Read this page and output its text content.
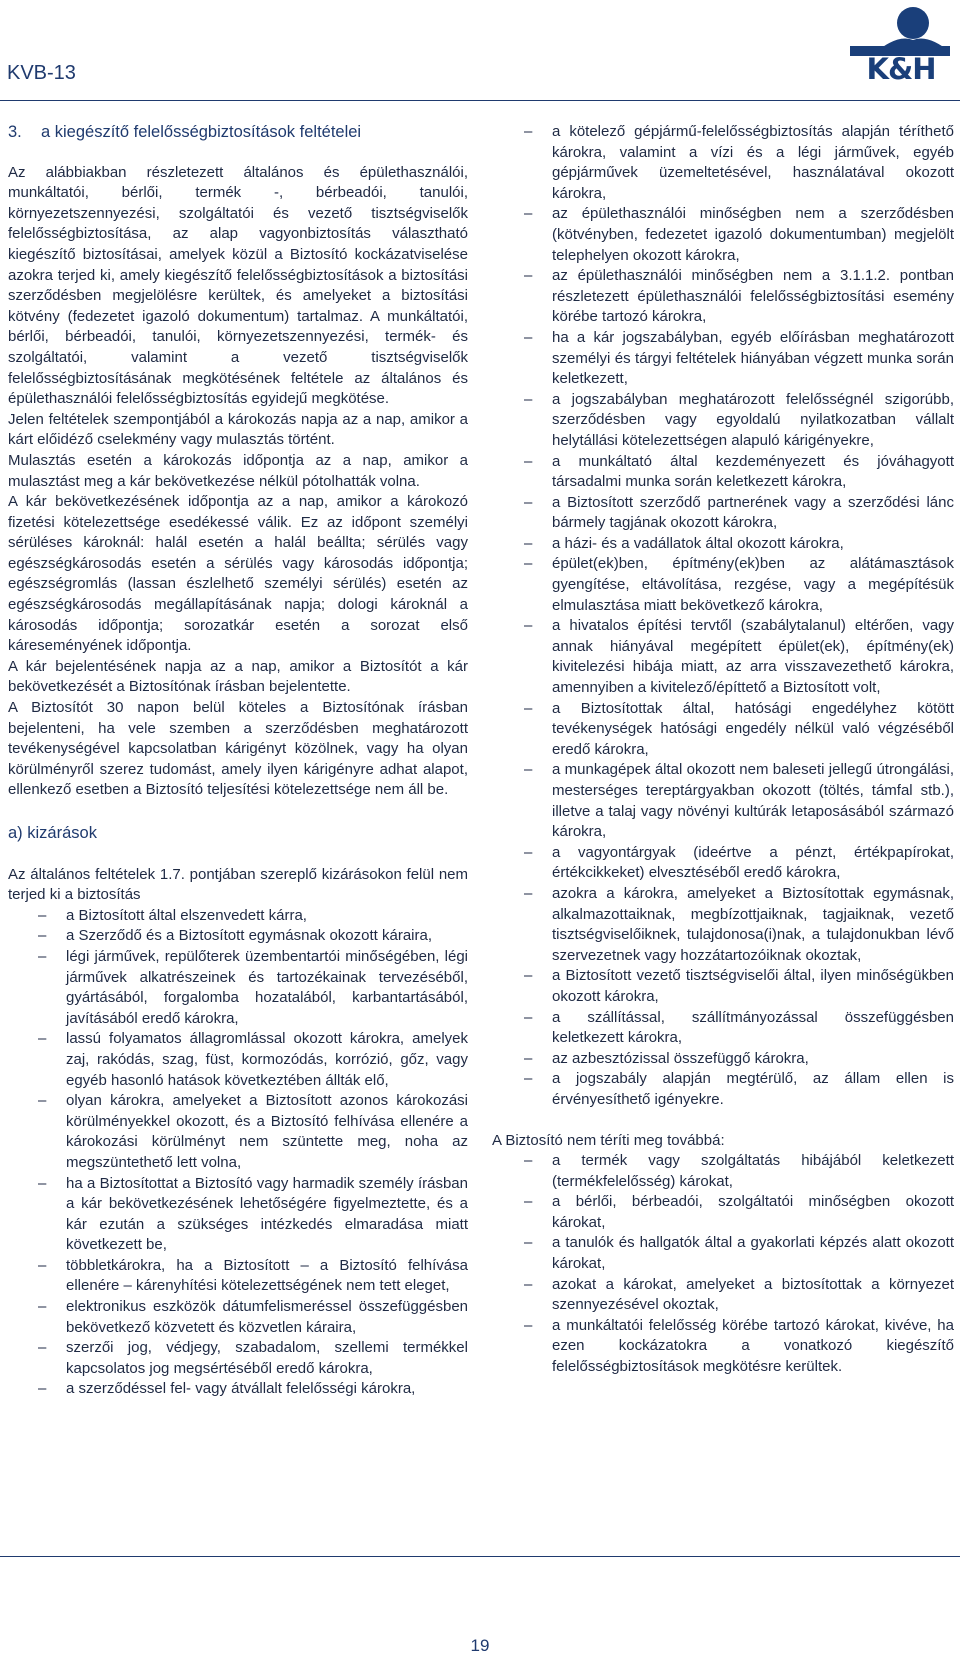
KVB-13	K&H
3. a kiegészítő felelősségbiztosítások feltételei

Az alábbiakban részletezett általános és épülethasználói, munkáltatói, bérlői, termék -, bérbeadói, tanulói, környezetszennyezési, szolgáltatói és vezető tisztségviselők felelősségbiztosítása, az alap vagyonbiztosítás választható kiegészítő biztosításai, amelyek közül a Biztosító kockázatviselése azokra terjed ki, amely kiegészítő felelősségbiztosítások a biztosítási szerződésben megjelölésre kerültek, és amelyeket a biztosítási kötvény (fedezetet igazoló dokumentum) tartalmaz. A munkáltatói, bérlői, bérbeadói, tanulói, környezetszennyezési, termék- és szolgáltatói, valamint a vezető tisztségviselők felelősségbiztosításának megkötésének feltétele az általános és épülethasználói felelősségbiztosítás egyidejű megkötése.

Jelen feltételek szempontjából a károkozás napja az a nap, amikor a kárt előidéző cselekmény vagy mulasztás történt.

Mulasztás esetén a károkozás időpontja az a nap, amikor a mulasztást meg a kár bekövetkezése nélkül pótolhatták volna.

A kár bekövetkezésének időpontja az a nap, amikor a károkozó fizetési kötelezettsége esedékessé válik. Ez az időpont személyi sérüléses károknál: halál esetén a halál beállta; sérülés vagy egészségkárosodás esetén a sérülés vagy károsodás időpontja; egészségromlás (lassan észlelhető személyi sérülés) esetén az egészségkárosodás megállapításának napja; dologi károknál a károsodás időpontja; sorozatkár esetén a sorozat első káreseményének időpontja.

A kár bejelentésének napja az a nap, amikor a Biztosítót a kár bekövetkezését a Biztosítónak írásban bejelentette.

A Biztosítót 30 napon belül köteles a Biztosítónak írásban bejelenteni, ha vele szemben a szerződésben meghatározott tevékenységével kapcsolatban kárigényt közölnek, vagy ha olyan körülményről szerez tudomást, amely ilyen kárigényre adhat alapot, ellenkező esetben a Biztosító teljesítési kötelezettsége nem áll be.

a) kizárások

Az általános feltételek 1.7. pontjában szereplő kizárásokon felül nem terjed ki a biztosítás

– a Biztosított által elszenvedett kárra,
– a Szerződő és a Biztosított egymásnak okozott káraira,
– légi járművek, repülőterek üzembentartói minőségében, légi járművek alkatrészeinek és tartozékainak tervezéséből, gyártásából, forgalomba hozatalából, karbantartásából, javításából eredő károkra,
– lassú folyamatos állagromlással okozott károkra, amelyek zaj, rakódás, szag, füst, kormozódás, korrózió, gőz, vagy egyéb hasonló hatások következtében állták elő,
– olyan károkra, amelyeket a Biztosított azonos károkozási körülményekkel okozott, és a Biztosító felhívása ellenére a károkozási körülményt nem szüntette meg, noha az megszüntethető lett volna,
– ha a Biztosítottat a Biztosító vagy harmadik személy írásban a kár bekövetkezésének lehetőségére figyelmeztette, és a kár ezután a szükséges intézkedés elmaradása miatt következett be,
– többletkárokra, ha a Biztosított – a Biztosító felhívása ellenére – kárenyhítési kötelezettségének nem tett eleget,
– elektronikus eszközök dátumfelismeréssel összefüggésben bekövetkező közvetett és közvetlen káraira,
– szerzői jog, védjegy, szabadalom, szellemi termékkel kapcsolatos jog megsértéséből eredő károkra,
– a szerződéssel fel- vagy átvállalt felelősségi károkra,
– a kötelező gépjármű-felelősségbiztosítás alapján téríthető károkra, valamint a vízi és a légi járművek, egyéb gépjárművek üzemeltetésével, használatával okozott károkra,
– az épülethasználói minőségben nem a szerződésben (kötvényben, fedezetet igazoló dokumentumban) megjelölt telephelyen okozott károkra,
– az épülethasználói minőségben nem a 3.1.1.2. pontban részletezett épülethasználói felelősségbiztosítási esemény körébe tartozó károkra,
– ha a kár jogszabályban, egyéb előírásban meghatározott személyi és tárgyi feltételek hiányában végzett munka során keletkezett,
– a jogszabályban meghatározott felelősségnél szigorúbb, szerződésben vagy egyoldalú nyilatkozatban vállalt helytállási kötelezettségen alapuló kárigényekre,
– a munkáltató által kezdeményezett és jóváhagyott társadalmi munka során keletkezett károkra,
– a Biztosított szerződő partnerének vagy a szerződési lánc bármely tagjának okozott károkra,
– a házi- és a vadállatok által okozott károkra,
– épület(ek)ben, építmény(ek)ben az alátámasztások gyengítése, eltávolítása, rezgése, vagy a megépítésük elmulasztása miatt bekövetkező károkra,
– a hivatalos építési tervtől (szabálytalanul) eltérően, vagy annak hiányával megépített épület(ek), építmény(ek) kivitelezési hibája miatt, az arra visszavezethető károkra, amennyiben a kivitelező/építtető a Biztosított volt,
– a Biztosítottak által, hatósági engedélyhez kötött tevékenységek hatósági engedély nélkül való végzéséből eredő károkra,
– a munkagépek által okozott nem baleseti jellegű útrongálási, mesterséges tereptárgyakban okozott (töltés, támfal stb.), illetve a talaj vagy növényi kultúrák letaposásából származó károkra,
– a vagyontárgyak (ideértve a pénzt, értékpapírokat, értékcikkeket) elvesztéséből eredő károkra,
– azokra a károkra, amelyeket a Biztosítottak egymásnak, alkalmazottaiknak, megbízottjaiknak, tagjaiknak, vezető tisztségviselőiknek, tulajdonosa(i)nak, a tulajdonukban lévő szervezetnek vagy hozzátartozóiknak okoztak,
– a Biztosított vezető tisztségviselői által, ilyen minőségükben okozott károkra,
– a szállítással, szállítmányozással összefüggésben keletkezett károkra,
– az azbesztózissal összefüggő károkra,
– a jogszabály alapján megtérülő, az állam ellen is érvényesíthető igényekre.

A Biztosító nem téríti meg továbbá:

– a termék vagy szolgáltatás hibájából keletkezett (termékfelelősség) károkat,
– a bérlői, bérbeadói, szolgáltatói minőségben okozott károkat,
– a tanulók és hallgatók által a gyakorlati képzés alatt okozott károkat,
– azokat a károkat, amelyeket a biztosítottak a környezet szennyezésével okoztak,
– a munkáltatói felelősség körébe tartozó károkat, kivéve, ha ezen kockázatokra a vonatkozó kiegészítő felelősségbiztosítások megkötésre kerültek.
19
